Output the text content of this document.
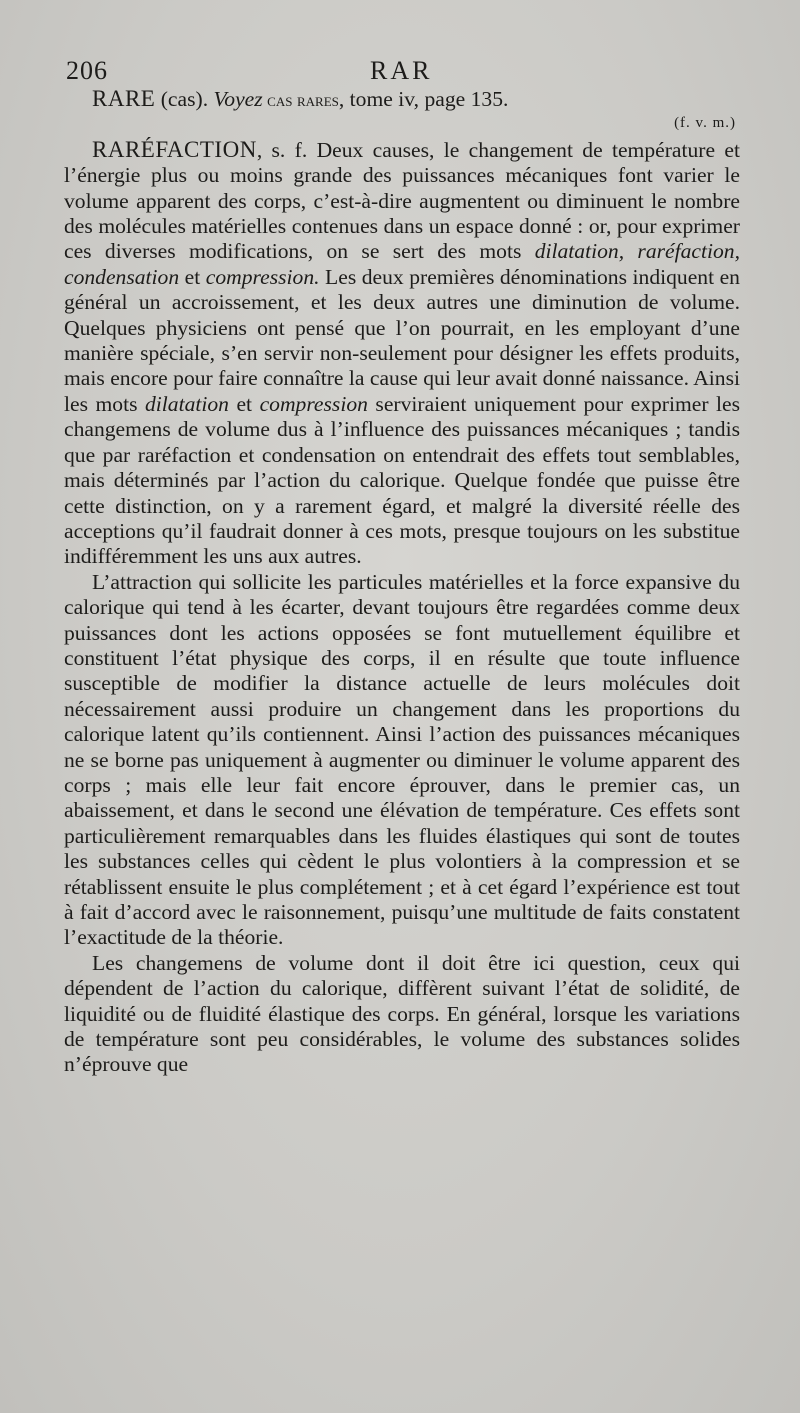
206	RAR

RARE (cas). Voyez cas rares, tome iv, page 135.

(f. v. m.)

RARÉFACTION, s. f. Deux causes, le changement de température et l’énergie plus ou moins grande des puissances mécaniques font varier le volume apparent des corps, c’est-à-dire augmentent ou diminuent le nombre des molécules matérielles contenues dans un espace donné : or, pour exprimer ces diverses modifications, on se sert des mots dilatation, raréfaction, condensation et compression. Les deux premières dénominations indiquent en général un accroissement, et les deux autres une diminution de volume. Quelques physiciens ont pensé que l’on pourrait, en les employant d’une manière spéciale, s’en servir non-seulement pour désigner les effets produits, mais encore pour faire connaître la cause qui leur avait donné naissance. Ainsi les mots dilatation et compression serviraient uniquement pour exprimer les changemens de volume dus à l’influence des puissances mécaniques ; tandis que par raréfaction et condensation on entendrait des effets tout semblables, mais déterminés par l’action du calorique. Quelque fondée que puisse être cette distinction, on y a rarement égard, et malgré la diversité réelle des acceptions qu’il faudrait donner à ces mots, presque toujours on les substitue indifféremment les uns aux autres.

L’attraction qui sollicite les particules matérielles et la force expansive du calorique qui tend à les écarter, devant toujours être regardées comme deux puissances dont les actions opposées se font mutuellement équilibre et constituent l’état physique des corps, il en résulte que toute influence susceptible de modifier la distance actuelle de leurs molécules doit nécessairement aussi produire un changement dans les proportions du calorique latent qu’ils contiennent. Ainsi l’action des puissances mécaniques ne se borne pas uniquement à augmenter ou diminuer le volume apparent des corps ; mais elle leur fait encore éprouver, dans le premier cas, un abaissement, et dans le second une élévation de température. Ces effets sont particulièrement remarquables dans les fluides élastiques qui sont de toutes les substances celles qui cèdent le plus volontiers à la compression et se rétablissent ensuite le plus complétement ; et à cet égard l’expérience est tout à fait d’accord avec le raisonnement, puisqu’une multitude de faits constatent l’exactitude de la théorie.

Les changemens de volume dont il doit être ici question, ceux qui dépendent de l’action du calorique, diffèrent suivant l’état de solidité, de liquidité ou de fluidité élastique des corps. En général, lorsque les variations de température sont peu considérables, le volume des substances solides n’éprouve que
